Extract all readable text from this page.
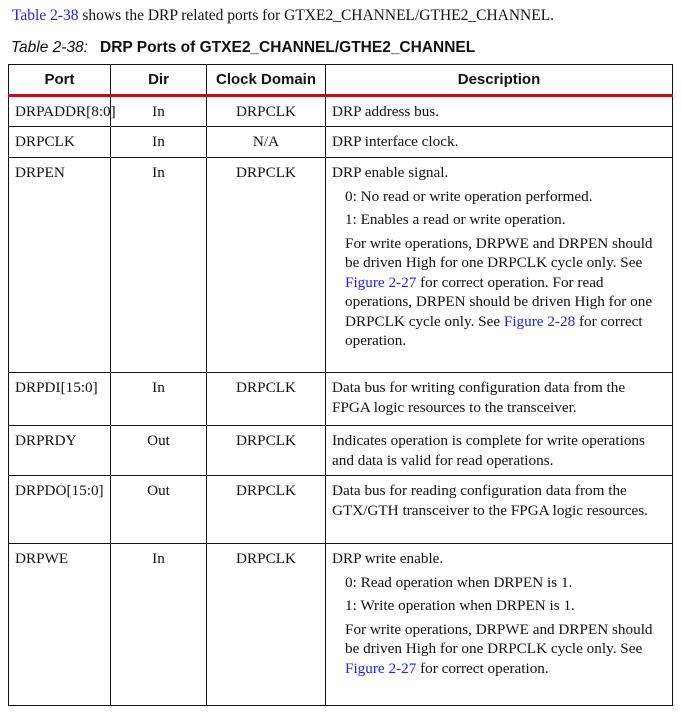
Table 2-38 shows the DRP related ports for GTXE2_CHANNEL/GTHE2_CHANNEL.

Table 2-38: DRP Ports of GTXE2_CHANNEL/GTHE2_CHANNEL
Port	Dir	Clock Domain	Description
DRPADDR[8:0]	In	DRPCLK	DRP address bus.
DRPCLK	In	N/A	DRP interface clock.
DRPEN	In	DRPCLK	DRP enable signal.

0: No read or write operation performed.

1: Enables a read or write operation.

For write operations, DRPWE and DRPEN should be driven High for one DRPCLK cycle only. See Figure 2-27 for correct operation. For read operations, DRPEN should be driven High for one DRPCLK cycle only. See Figure 2-28 for correct operation.

DRPDI[15:0]	In	DRPCLK	Data bus for writing configuration data from the FPGA logic resources to the transceiver.
DRPRDY	Out	DRPCLK	Indicates operation is complete for write operations and data is valid for read operations.
DRPDO[15:0]	Out	DRPCLK	Data bus for reading configuration data from the GTX/GTH transceiver to the FPGA logic resources.
DRPWE	In	DRPCLK	DRP write enable.

0: Read operation when DRPEN is 1.

1: Write operation when DRPEN is 1.

For write operations, DRPWE and DRPEN should be driven High for one DRPCLK cycle only. See Figure 2-27 for correct operation.
